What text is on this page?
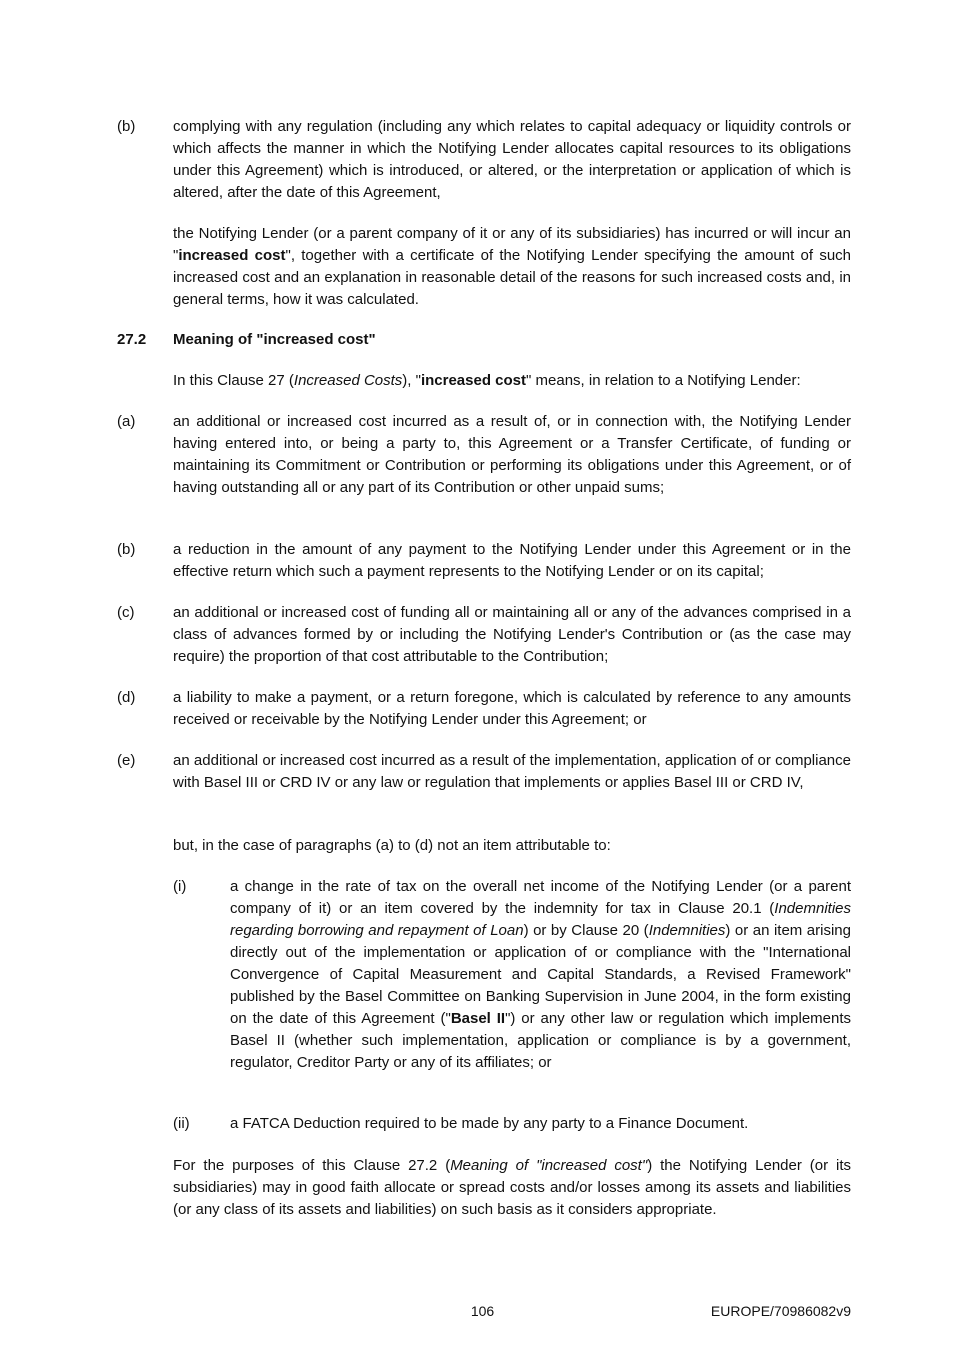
(b)	complying with any regulation (including any which relates to capital adequacy or liquidity controls or which affects the manner in which the Notifying Lender allocates capital resources to its obligations under this Agreement) which is introduced, or altered, or the interpretation or application of which is altered, after the date of this Agreement,
the Notifying Lender (or a parent company of it or any of its subsidiaries) has incurred or will incur an "increased cost", together with a certificate of the Notifying Lender specifying the amount of such increased cost and an explanation in reasonable detail of the reasons for such increased costs and, in general terms, how it was calculated.
27.2	Meaning of "increased cost"
In this Clause 27 (Increased Costs), "increased cost" means, in relation to a Notifying Lender:
(a)	an additional or increased cost incurred as a result of, or in connection with, the Notifying Lender having entered into, or being a party to, this Agreement or a Transfer Certificate, of funding or maintaining its Commitment or Contribution or performing its obligations under this Agreement, or of having outstanding all or any part of its Contribution or other unpaid sums;
(b)	a reduction in the amount of any payment to the Notifying Lender under this Agreement or in the effective return which such a payment represents to the Notifying Lender or on its capital;
(c)	an additional or increased cost of funding all or maintaining all or any of the advances comprised in a class of advances formed by or including the Notifying Lender's Contribution or (as the case may require) the proportion of that cost attributable to the Contribution;
(d)	a liability to make a payment, or a return foregone, which is calculated by reference to any amounts received or receivable by the Notifying Lender under this Agreement; or
(e)	an additional or increased cost incurred as a result of the implementation, application of or compliance with Basel III or CRD IV or any law or regulation that implements or applies Basel III or CRD IV,
but, in the case of paragraphs (a) to (d) not an item attributable to:
(i)	a change in the rate of tax on the overall net income of the Notifying Lender (or a parent company of it) or an item covered by the indemnity for tax in Clause 20.1 (Indemnities regarding borrowing and repayment of Loan) or by Clause 20 (Indemnities) or an item arising directly out of the implementation or application of or compliance with the "International Convergence of Capital Measurement and Capital Standards, a Revised Framework" published by the Basel Committee on Banking Supervision in June 2004, in the form existing on the date of this Agreement ("Basel II") or any other law or regulation which implements Basel II (whether such implementation, application or compliance is by a government, regulator, Creditor Party or any of its affiliates; or
(ii)	a FATCA Deduction required to be made by any party to a Finance Document.
For the purposes of this Clause 27.2 (Meaning of "increased cost") the Notifying Lender (or its subsidiaries) may in good faith allocate or spread costs and/or losses among its assets and liabilities (or any class of its assets and liabilities) on such basis as it considers appropriate.
106	EUROPE/70986082v9
